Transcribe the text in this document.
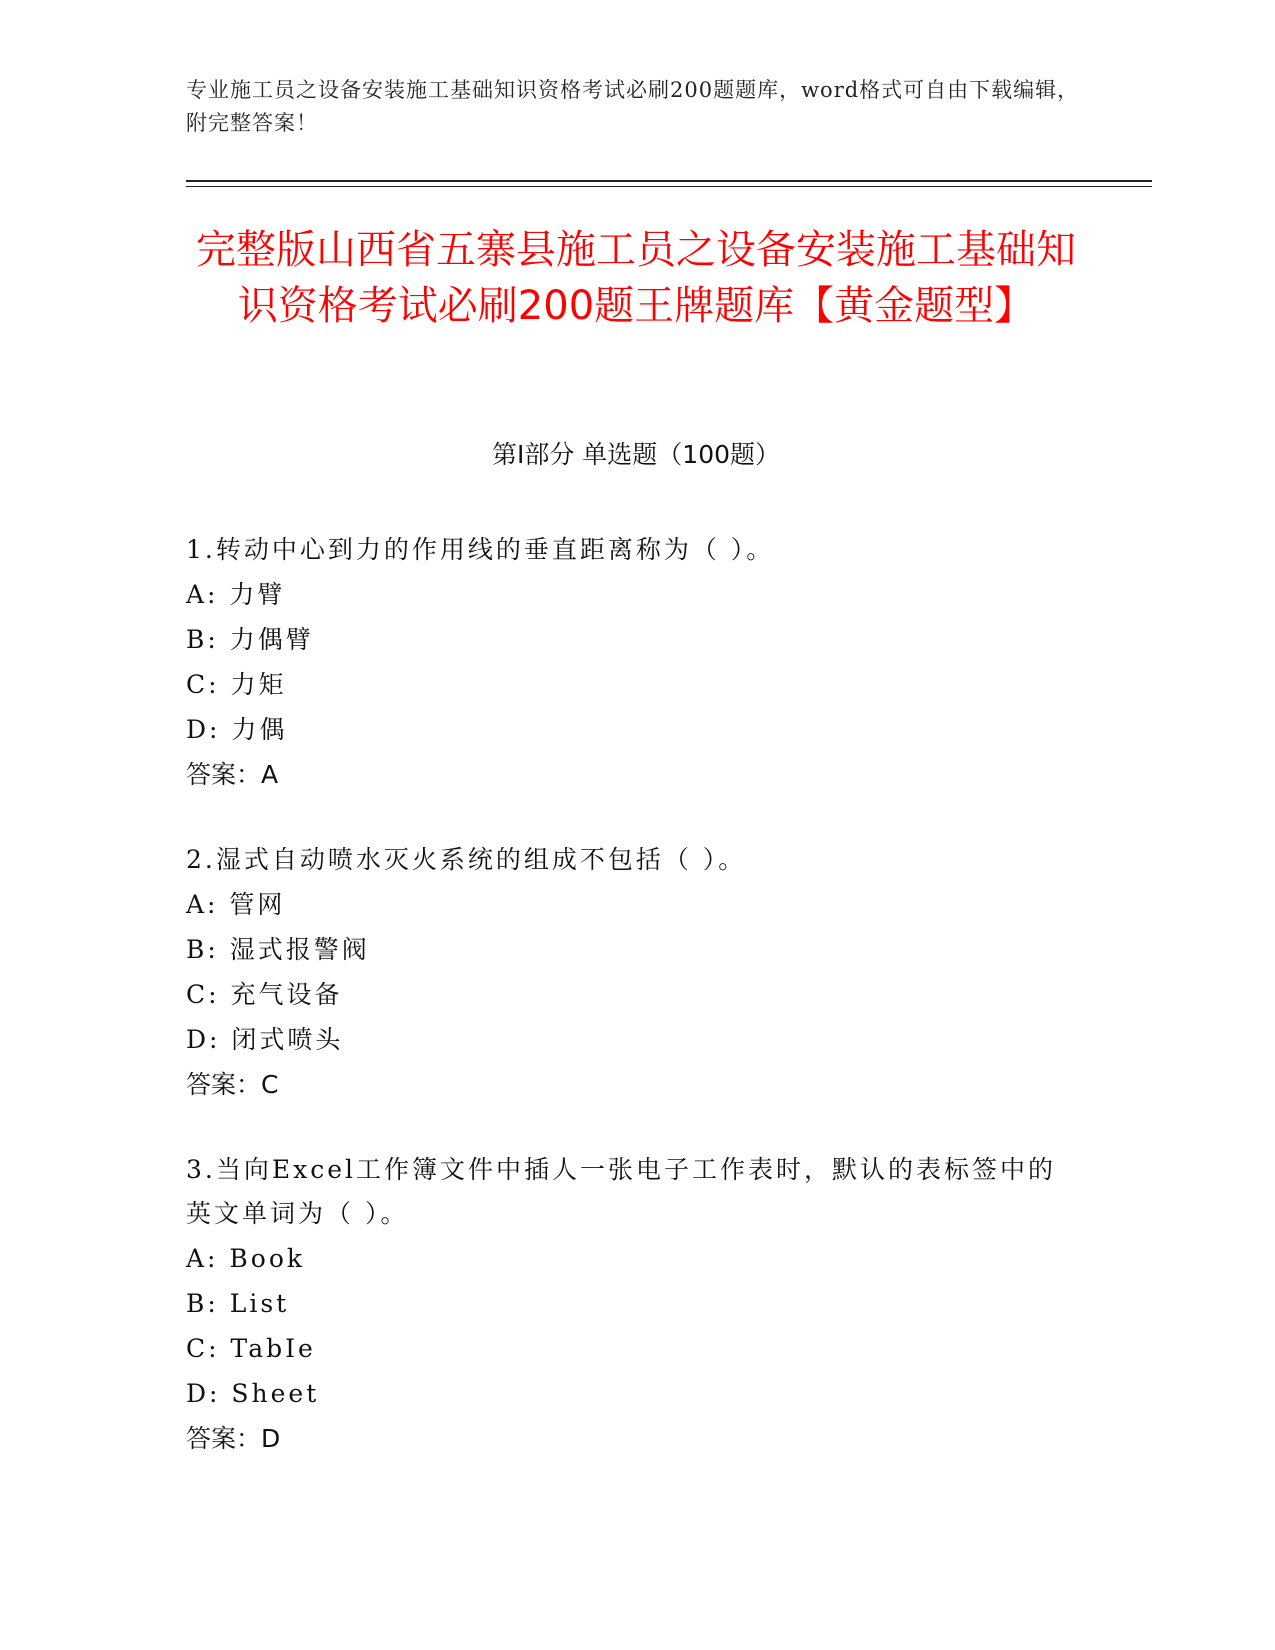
专业施工员之设备安装施工基础知识资格考试必刷200题题库，word格式可自由下载编辑，附完整答案！
完整版山西省五寨县施工员之设备安装施工基础知识资格考试必刷200题王牌题库【黄金题型】
第I部分 单选题（100题）

1.转动中心到力的作用线的垂直距离称为（ ）。

A: 力臂

B: 力偶臂

C: 力矩

D: 力偶

答案：A

2.湿式自动喷水灭火系统的组成不包括（ ）。

A: 管网

B: 湿式报警阀

C: 充气设备

D: 闭式喷头

答案：C

3.当向Excel工作簿文件中插人一张电子工作表时，默认的表标签中的英文单词为（ ）。

A: Book

B: List

C: TabIe

D: Sheet

答案：D
